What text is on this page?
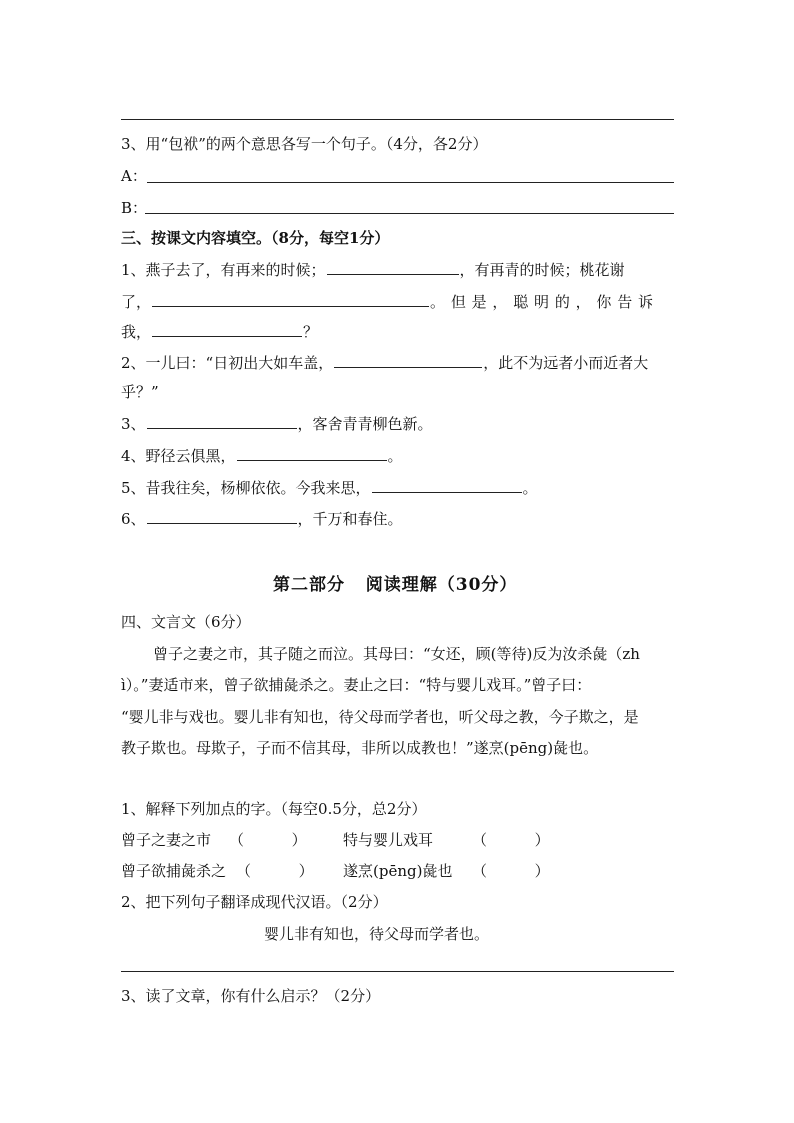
3、用“包袱”的两个意思各写一个句子。（4分，各2分）
A：
B：
三、按课文内容填空。（8分，每空1分）
1、燕子去了，有再来的时候；	，有再青的时候；桃花谢
了，	。但是，聪明的，你告诉
我，	？
2、一儿曰：“日初出大如车盖，	，此不为远者小而近者大
乎？”
3、	，客舍青青柳色新。
4、野径云俱黑，	。
5、昔我往矣，杨柳依依。今我来思，	。
6、	，千万和春住。
第二部分   阅读理解（30分）
四、文言文（6分）
曾子之妻之市，其子随之而泣。其母曰：“女还，顾(等待)反为汝杀彘（zh
ì）。”妻适市来，曾子欲捕彘杀之。妻止之曰：“特与婴儿戏耳。”曾子曰：
“婴儿非与戏也。婴儿非有知也，待父母而学者也，听父母之教，今子欺之，是
教子欺也。母欺子，子而不信其母，非所以成教也！”遂烹(pēng)彘也。
1、解释下列加点的字。（每空0.5分，总2分）
曾子之妻之市 （          ） 特与婴儿戏耳	（          ）
曾子欲捕彘杀之 （          ） 遂烹(pēng)彘也 （          ）
2、把下列句子翻译成现代汉语。（2分）
婴儿非有知也，待父母而学者也。
3、读了文章，你有什么启示？（2分）
